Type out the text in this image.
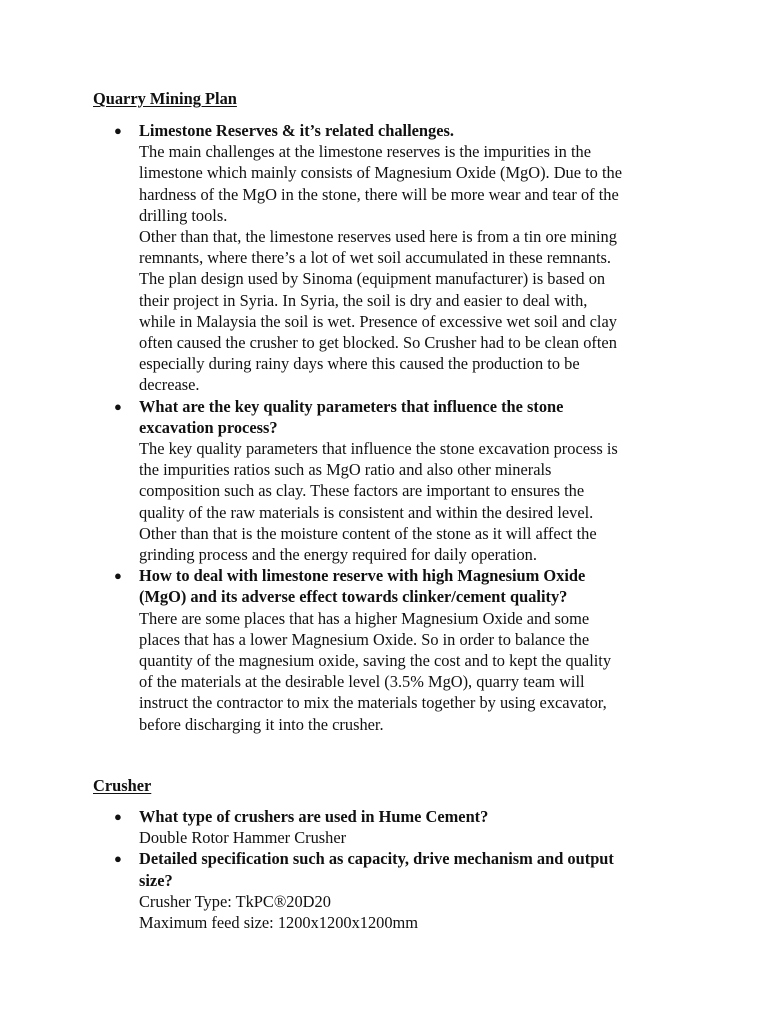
Quarry Mining Plan
● Limestone Reserves & it’s related challenges.
The main challenges at the limestone reserves is the impurities in the
limestone which mainly consists of Magnesium Oxide (MgO). Due to the
hardness of the MgO in the stone, there will be more wear and tear of the
drilling tools.
Other than that, the limestone reserves used here is from a tin ore mining
remnants, where there’s a lot of wet soil accumulated in these remnants.
The plan design used by Sinoma (equipment manufacturer) is based on
their project in Syria. In Syria, the soil is dry and easier to deal with,
while in Malaysia the soil is wet. Presence of excessive wet soil and clay
often caused the crusher to get blocked. So Crusher had to be clean often
especially during rainy days where this caused the production to be
decrease.
● What are the key quality parameters that influence the stone
excavation process?
The key quality parameters that influence the stone excavation process is
the impurities ratios such as MgO ratio and also other minerals
composition such as clay. These factors are important to ensures the
quality of the raw materials is consistent and within the desired level.
Other than that is the moisture content of the stone as it will affect the
grinding process and the energy required for daily operation.
● How to deal with limestone reserve with high Magnesium Oxide
(MgO) and its adverse effect towards clinker/cement quality?
There are some places that has a higher Magnesium Oxide and some
places that has a lower Magnesium Oxide. So in order to balance the
quantity of the magnesium oxide, saving the cost and to kept the quality
of the materials at the desirable level (3.5% MgO), quarry team will
instruct the contractor to mix the materials together by using excavator,
before discharging it into the crusher.
Crusher
● What type of crushers are used in Hume Cement?
Double Rotor Hammer Crusher
● Detailed specification such as capacity, drive mechanism and output
size?
Crusher Type: TkPC®20D20
Maximum feed size: 1200x1200x1200mm
